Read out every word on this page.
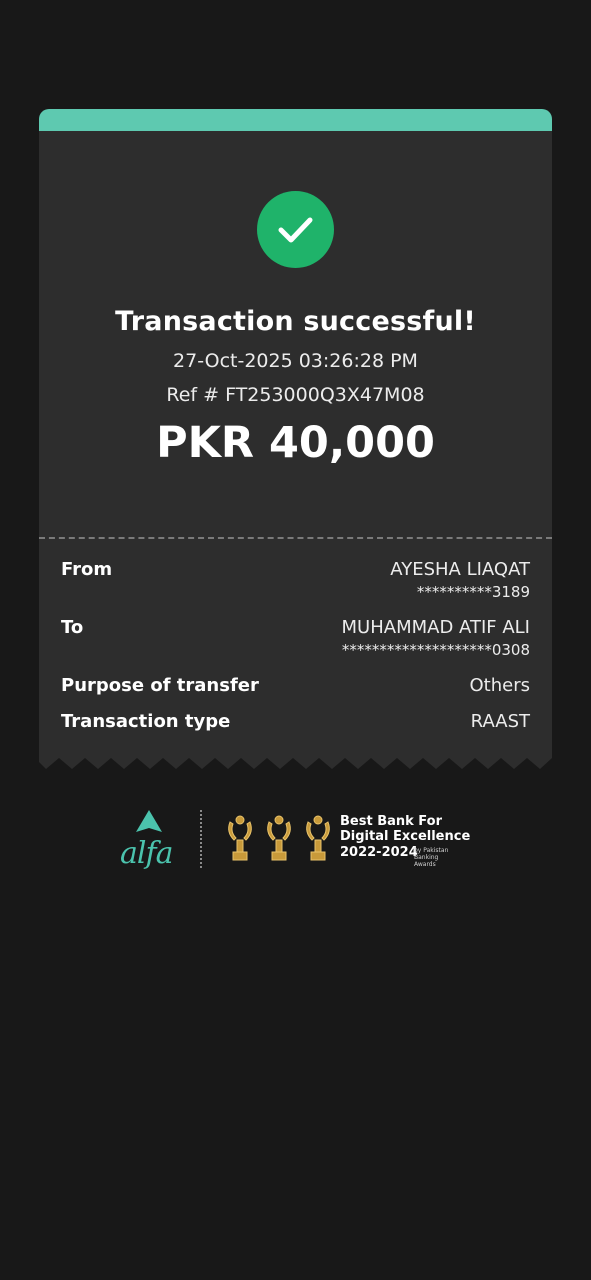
Transaction successful!
27-Oct-2025 03:26:28 PM
Ref # FT253000Q3X47M08
PKR 40,000
From	AYESHA LIAQAT
**********3189
To	MUHAMMAD ATIF ALI
********************0308
Purpose of transfer	Others
Transaction type	RAAST
alfa
Best Bank For
Digital Excellence
2022-2024
by Pakistan Banking Awards
